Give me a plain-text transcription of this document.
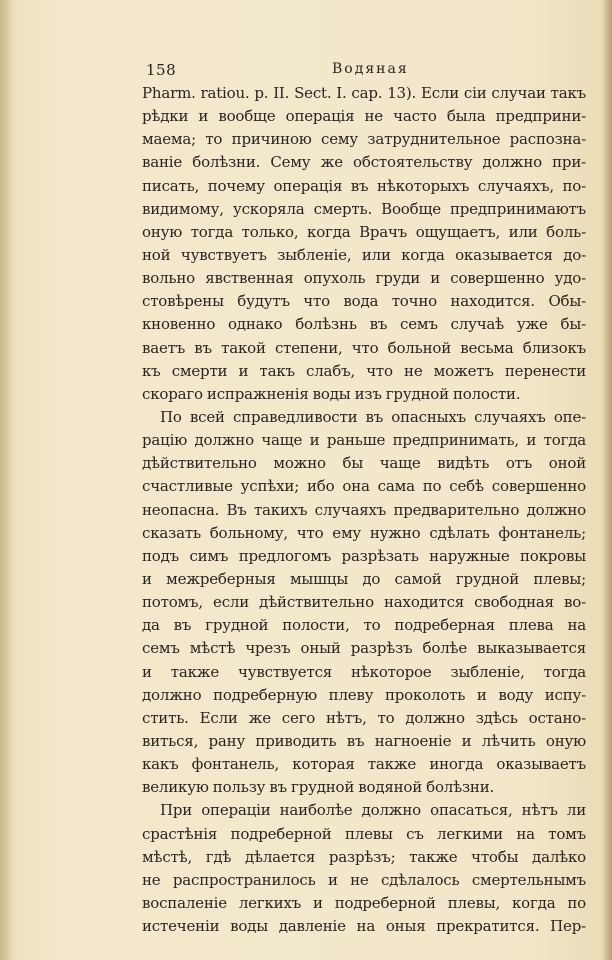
158	Водяная
Pharm. ratiou. p. II. Sect. I. cap. 13). Если сіи случаи такъ
рѣдки и вообще операція не часто была предприни-
маема; то причиною сему затруднительное распозна-
ваніе болѣзни. Сему же обстоятельству должно при-
писать, почему операція въ нѣкоторыхъ случаяхъ, по-
видимому, ускоряла смерть. Вообще предпринимаютъ
оную тогда только, когда Врачъ ощущаетъ, или боль-
ной чувствуетъ зыбленіе, или когда оказывается до-
вольно явственная опухоль груди и совершенно удо-
стовѣрены будутъ что вода точно находится. Обы-
кновенно однако болѣзнь въ семъ случаѣ уже бы-
ваетъ въ такой степени, что больной весьма близокъ
къ смерти и такъ слабъ, что не можетъ перенести
скораго испражненія воды изъ грудной полости.
По всей справедливости въ опасныхъ случаяхъ опе-
рацію должно чаще и раньше предпринимать, и тогда
дѣйствительно можно бы чаще видѣть отъ оной
счастливые успѣхи; ибо она сама по себѣ совершенно
неопасна. Въ такихъ случаяхъ предварительно должно
сказать больному, что ему нужно сдѣлать фонтанель;
подъ симъ предлогомъ разрѣзать наружные покровы
и межреберныя мышцы до самой грудной плевы;
потомъ, если дѣйствительно находится свободная во-
да въ грудной полости, то подреберная плева на
семъ мѣстѣ чрезъ оный разрѣзъ болѣе выказывается
и также чувствуется нѣкоторое зыбленіе, тогда
должно подреберную плеву проколоть и воду испу-
стить. Если же сего нѣтъ, то должно здѣсь остано-
виться, рану приводить въ нагноеніе и лѣчить оную
какъ фонтанель, которая также иногда оказываетъ
великую пользу въ грудной водяной болѣзни.
При операціи наиболѣе должно опасаться, нѣтъ ли
срастѣнія подреберной плевы съ легкими на томъ
мѣстѣ, гдѣ дѣлается разрѣзъ; также чтобы далѣко
не распространилось и не сдѣлалось смертельнымъ
воспаленіе легкихъ и подреберной плевы, когда по
истеченіи воды давленіе на оныя прекратится. Пер-
